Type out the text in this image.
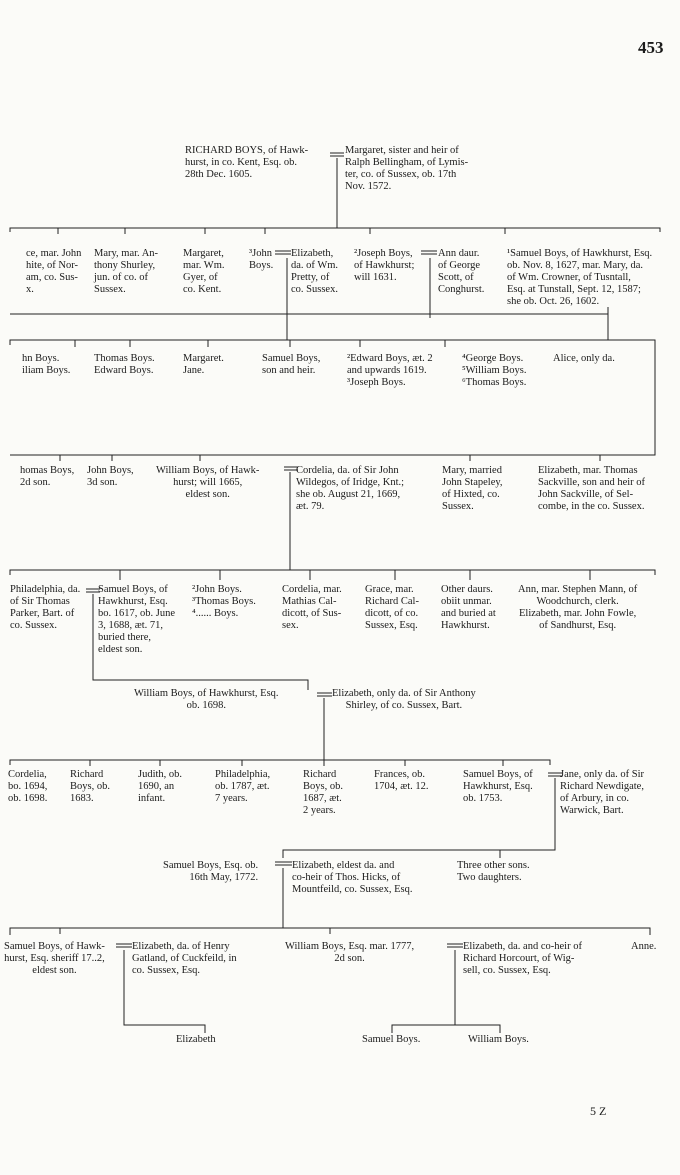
453
RICHARD BOYS, of Hawk-
hurst, in co. Kent, Esq. ob.
28th Dec. 1605.
Margaret, sister and heir of
Ralph Bellingham, of Lymis-
ter, co. of Sussex, ob. 17th
Nov. 1572.
ce, mar. John
hite, of Nor-
am, co. Sus-
x.
Mary, mar. An-
thony Shurley,
jun. of co. of
Sussex.
Margaret,
mar. Wm.
Gyer, of
co. Kent.
³John
Boys.
Elizabeth,
da. of Wm.
Pretty, of
co. Sussex.
²Joseph Boys,
of Hawkhurst;
will 1631.
Ann daur.
of George
Scott, of
Conghurst.
¹Samuel Boys, of Hawkhurst, Esq.
ob. Nov. 8, 1627, mar. Mary, da.
of Wm. Crowner, of Tusntall,
Esq. at Tunstall, Sept. 12, 1587;
she ob. Oct. 26, 1602.
hn Boys.
iliam Boys.
Thomas Boys.
Edward Boys.
Margaret.
Jane.
Samuel Boys,
son and heir.
²Edward Boys, æt. 2
and upwards 1619.
³Joseph Boys.
⁴George Boys.
⁵William Boys.
⁶Thomas Boys.
Alice, only da.
homas Boys,
2d son.
John Boys,
3d son.
William Boys, of Hawk-
hurst; will 1665,
eldest son.
Cordelia, da. of Sir John
Wildegos, of Iridge, Knt.;
she ob. August 21, 1669,
æt. 79.
Mary, married
John Stapeley,
of Hixted, co.
Sussex.
Elizabeth, mar. Thomas
Sackville, son and heir of
John Sackville, of Sel-
combe, in the co. Sussex.
Philadelphia, da.
of Sir Thomas
Parker, Bart. of
co. Sussex.
Samuel Boys, of
Hawkhurst, Esq.
bo. 1617, ob. June
3, 1688, æt. 71,
buried there,
eldest son.
²John Boys.
³Thomas Boys.
⁴...... Boys.
Cordelia, mar.
Mathias Cal-
dicott, of Sus-
sex.
Grace, mar.
Richard Cal-
dicott, of co.
Sussex, Esq.
Other daurs.
obiit unmar.
and buried at
Hawkhurst.
Ann, mar. Stephen Mann, of
Woodchurch, clerk.
Elizabeth, mar. John Fowle,
of Sandhurst, Esq.
William Boys, of Hawkhurst, Esq.
ob. 1698.
Elizabeth, only da. of Sir Anthony
Shirley, of co. Sussex, Bart.
Cordelia,
bo. 1694,
ob. 1698.
Richard
Boys, ob.
1683.
Judith, ob.
1690, an
infant.
Philadelphia,
ob. 1787, æt.
7 years.
Richard
Boys, ob.
1687, æt.
2 years.
Frances, ob.
1704, æt. 12.
Samuel Boys, of
Hawkhurst, Esq.
ob. 1753.
Jane, only da. of Sir
Richard Newdigate,
of Arbury, in co.
Warwick, Bart.
Samuel Boys, Esq. ob.
16th May, 1772.
Elizabeth, eldest da. and
co-heir of Thos. Hicks, of
Mountfeild, co. Sussex, Esq.
Three other sons.
Two daughters.
Samuel Boys, of Hawk-
hurst, Esq. sheriff 17..2,
eldest son.
Elizabeth, da. of Henry
Gatland, of Cuckfeild, in
co. Sussex, Esq.
William Boys, Esq. mar. 1777,
2d son.
Elizabeth, da. and co-heir of
Richard Horcourt, of Wig-
sell, co. Sussex, Esq.
Anne.
Elizabeth	Samuel Boys.	William Boys.
5 Z
